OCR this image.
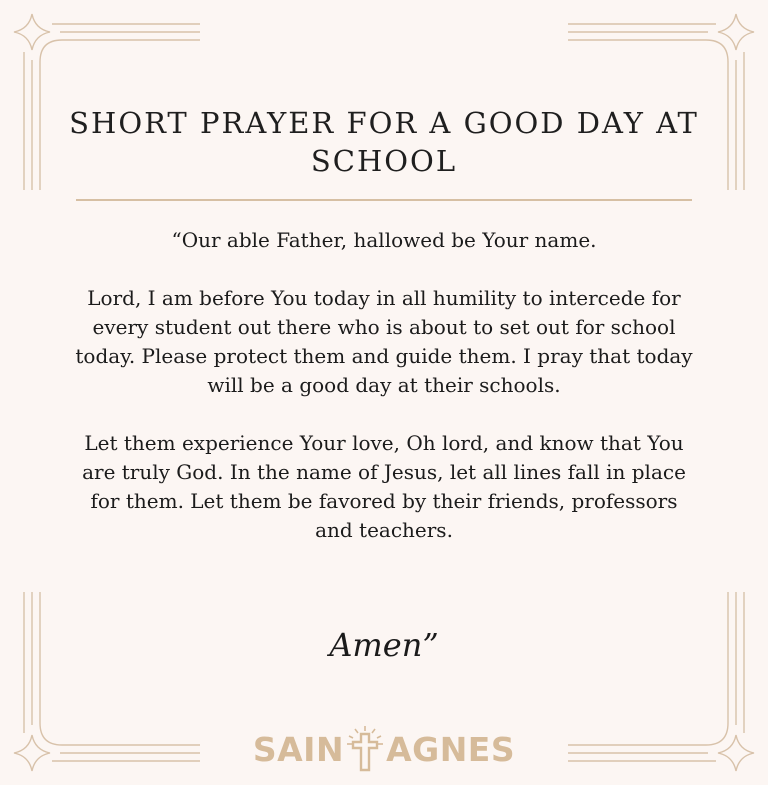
SHORT PRAYER FOR A GOOD DAY AT SCHOOL

“Our able Father, hallowed be Your name.

Lord, I am before You today in all humility to intercede for every student out there who is about to set out for school today. Please protect them and guide them. I pray that today will be a good day at their schools.

Let them experience Your love, Oh lord, and know that You are truly God. In the name of Jesus, let all lines fall in place for them. Let them be favored by their friends, professors and teachers.

Amen”
SAIN AGNES
